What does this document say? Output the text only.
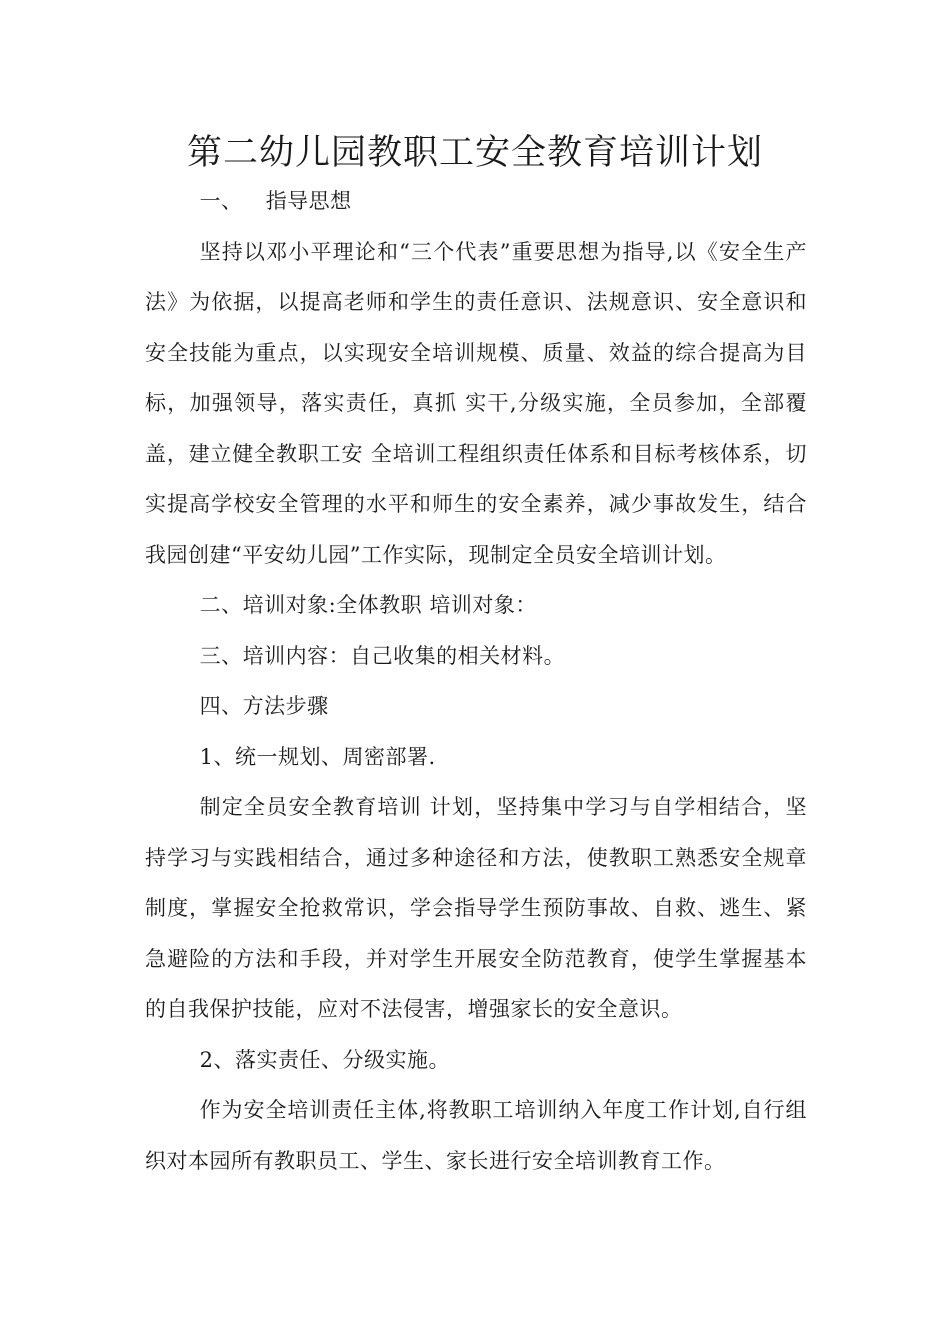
第二幼儿园教职工安全教育培训计划

一、 指导思想

坚持以邓小平理论和“三个代表”重要思想为指导,以《安全生产法》为依据，以提高老师和学生的责任意识、法规意识、安全意识和安全技能为重点，以实现安全培训规模、质量、效益的综合提高为目标，加强领导，落实责任，真抓 实干,分级实施，全员参加，全部覆盖，建立健全教职工安 全培训工程组织责任体系和目标考核体系，切实提高学校安全管理的水平和师生的安全素养，减少事故发生，结合我园创建“平安幼儿园”工作实际，现制定全员安全培训计划。

二、培训对象:全体教职 培训对象：

三、培训内容：自己收集的相关材料。

四、方法步骤

1、统一规划、周密部署.

制定全员安全教育培训 计划，坚持集中学习与自学相结合，坚持学习与实践相结合，通过多种途径和方法，使教职工熟悉安全规章制度，掌握安全抢救常识，学会指导学生预防事故、自救、逃生、紧急避险的方法和手段，并对学生开展安全防范教育，使学生掌握基本的自我保护技能，应对不法侵害，增强家长的安全意识。

2、落实责任、分级实施。

作为安全培训责任主体,将教职工培训纳入年度工作计划,自行组织对本园所有教职员工、学生、家长进行安全培训教育工作。
